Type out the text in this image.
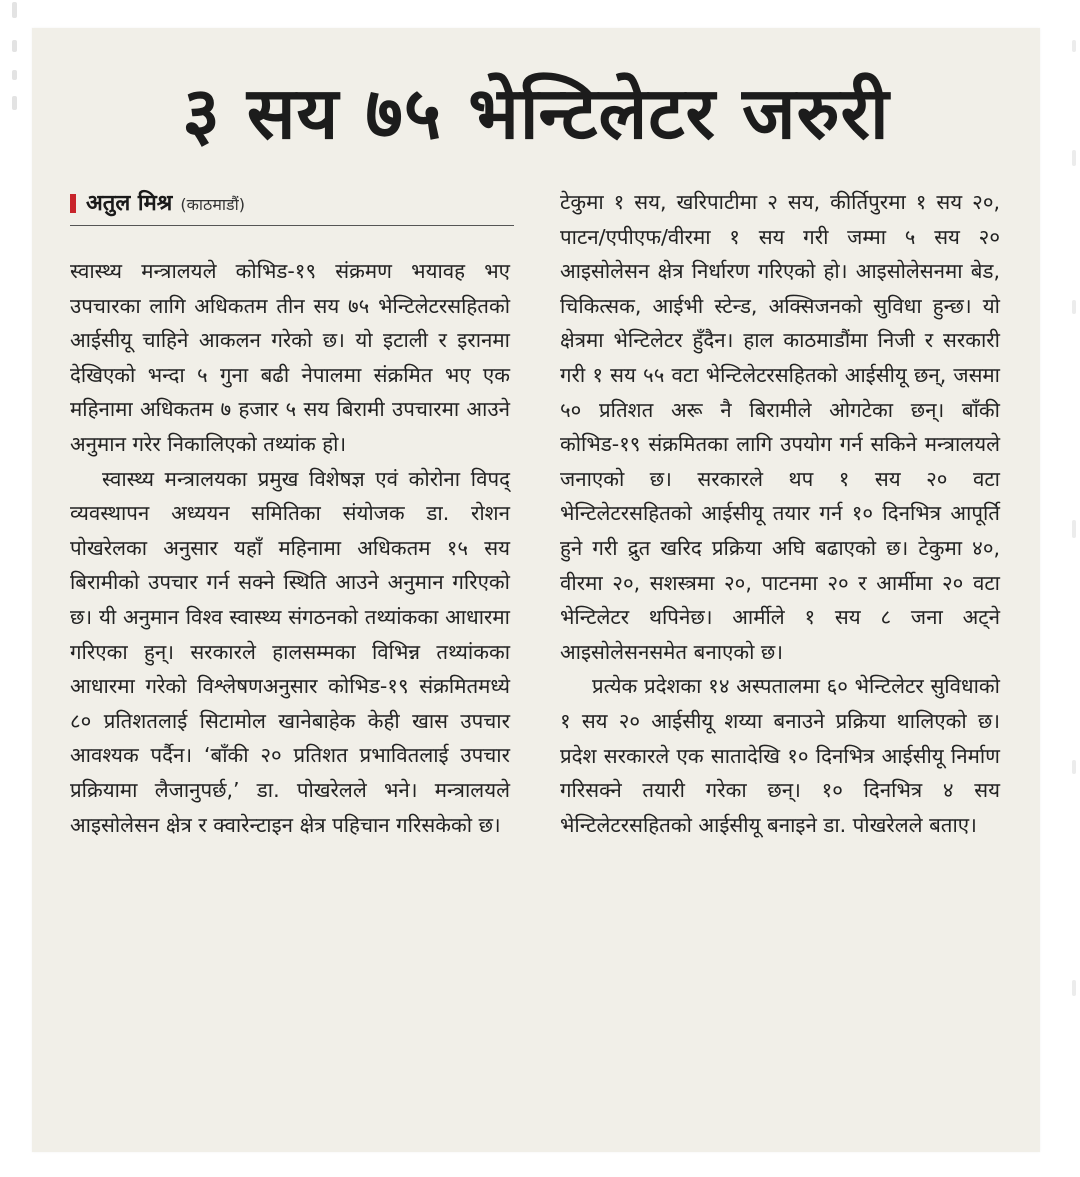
३ सय ७५ भेन्टिलेटर जरुरी
अतुल मिश्र (काठमाडौं)

स्वास्थ्य मन्त्रालयले कोभिड-१९ संक्रमण भयावह भए उपचारका लागि अधिकतम तीन सय ७५ भेन्टिलेटरसहितको आईसीयू चाहिने आकलन गरेको छ। यो इटाली र इरानमा देखिएको भन्दा ५ गुना बढी नेपालमा संक्रमित भए एक महिनामा अधिकतम ७ हजार ५ सय बिरामी उपचारमा आउने अनुमान गरेर निकालिएको तथ्यांक हो।

स्वास्थ्य मन्त्रालयका प्रमुख विशेषज्ञ एवं कोरोना विपद् व्यवस्थापन अध्ययन समितिका संयोजक डा. रोशन पोखरेलका अनुसार यहाँ महिनामा अधिकतम १५ सय बिरामीको उपचार गर्न सक्ने स्थिति आउने अनुमान गरिएको छ। यी अनुमान विश्व स्वास्थ्य संगठनको तथ्यांकका आधारमा गरिएका हुन्। सरकारले हालसम्मका विभिन्न तथ्यांकका आधारमा गरेको विश्लेषणअनुसार कोभिड-१९ संक्रमितमध्ये ८० प्रतिशतलाई सिटामोल खानेबाहेक केही खास उपचार आवश्यक पर्दैन। ‘बाँकी २० प्रतिशत प्रभावितलाई उपचार प्रक्रियामा लैजानुपर्छ,’ डा. पोखरेलले भने। मन्त्रालयले आइसोलेसन क्षेत्र र क्वारेन्टाइन क्षेत्र पहिचान गरिसकेको छ।

टेकुमा १ सय, खरिपाटीमा २ सय, कीर्तिपुरमा १ सय २०, पाटन/एपीएफ/वीरमा १ सय गरी जम्मा ५ सय २० आइसोलेसन क्षेत्र निर्धारण गरिएको हो। आइसोलेसनमा बेड, चिकित्सक, आईभी स्टेन्ड, अक्सिजनको सुविधा हुन्छ। यो क्षेत्रमा भेन्टिलेटर हुँदैन। हाल काठमाडौंमा निजी र सरकारी गरी १ सय ५५ वटा भेन्टिलेटरसहितको आईसीयू छन्, जसमा ५० प्रतिशत अरू नै बिरामीले ओगटेका छन्। बाँकी कोभिड-१९ संक्रमितका लागि उपयोग गर्न सकिने मन्त्रालयले जनाएको छ। सरकारले थप १ सय २० वटा भेन्टिलेटरसहितको आईसीयू तयार गर्न १० दिनभित्र आपूर्ति हुने गरी द्रुत खरिद प्रक्रिया अघि बढाएको छ। टेकुमा ४०, वीरमा २०, सशस्त्रमा २०, पाटनमा २० र आर्मीमा २० वटा भेन्टिलेटर थपिनेछ। आर्मीले १ सय ८ जना अट्ने आइसोलेसनसमेत बनाएको छ।

प्रत्येक प्रदेशका १४ अस्पतालमा ६० भेन्टिलेटर सुविधाको १ सय २० आईसीयू शय्या बनाउने प्रक्रिया थालिएको छ। प्रदेश सरकारले एक सातादेखि १० दिनभित्र आईसीयू निर्माण गरिसक्ने तयारी गरेका छन्। १० दिनभित्र ४ सय भेन्टिलेटरसहितको आईसीयू बनाइने डा. पोखरेलले बताए।
